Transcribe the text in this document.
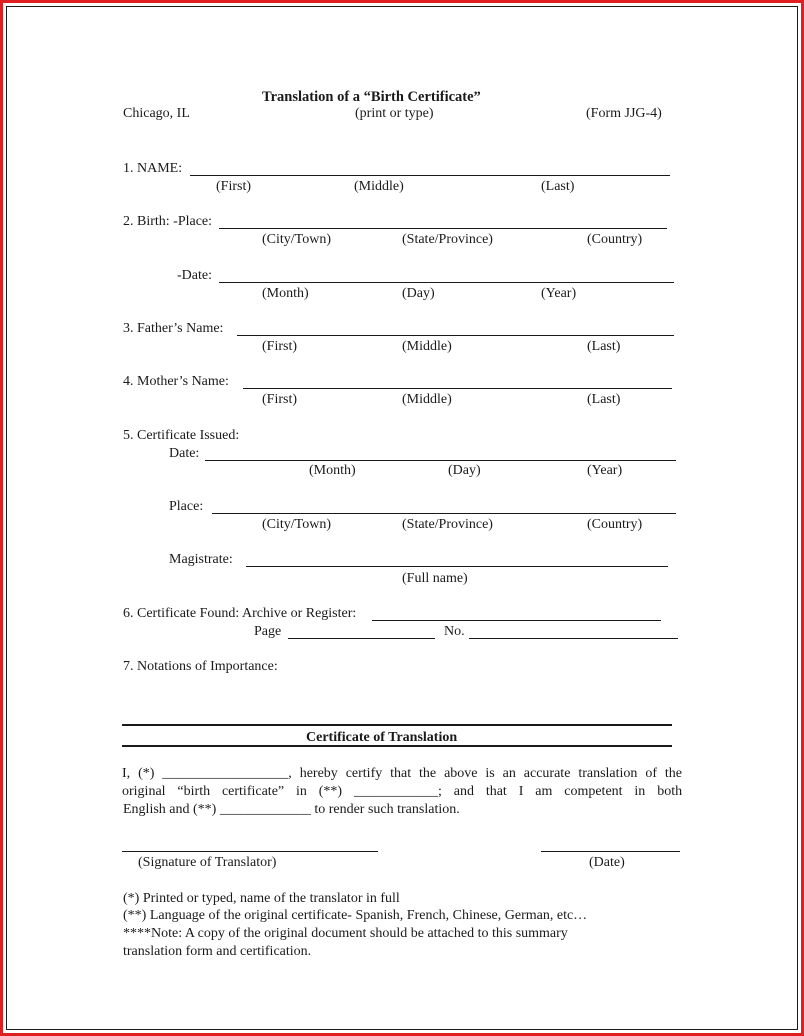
Translation of a “Birth Certificate”
Chicago, IL	(print or type)	(Form JJG-4)
1. NAME:
(First)	(Middle)	(Last)
2. Birth: -Place:
(City/Town)	(State/Province)	(Country)
-Date:
(Month)	(Day)	(Year)
3. Father’s Name:
(First)	(Middle)	(Last)
4. Mother’s Name:
(First)	(Middle)	(Last)
5. Certificate Issued:
Date:
(Month)	(Day)	(Year)
Place:
(City/Town)	(State/Province)	(Country)
Magistrate:
(Full name)
6. Certificate Found: Archive or Register:
Page	No.
7. Notations of Importance:
Certificate of Translation
I, (*) __________________, hereby certify that the above is an accurate translation of the
original “birth certificate” in (**) ____________; and that I am competent in both
English and (**) _____________ to render such translation.
(Signature of Translator)	(Date)
(*) Printed or typed, name of the translator in full
(**) Language of the original certificate- Spanish, French, Chinese, German, etc…
****Note: A copy of the original document should be attached to this summary
translation form and certification.
